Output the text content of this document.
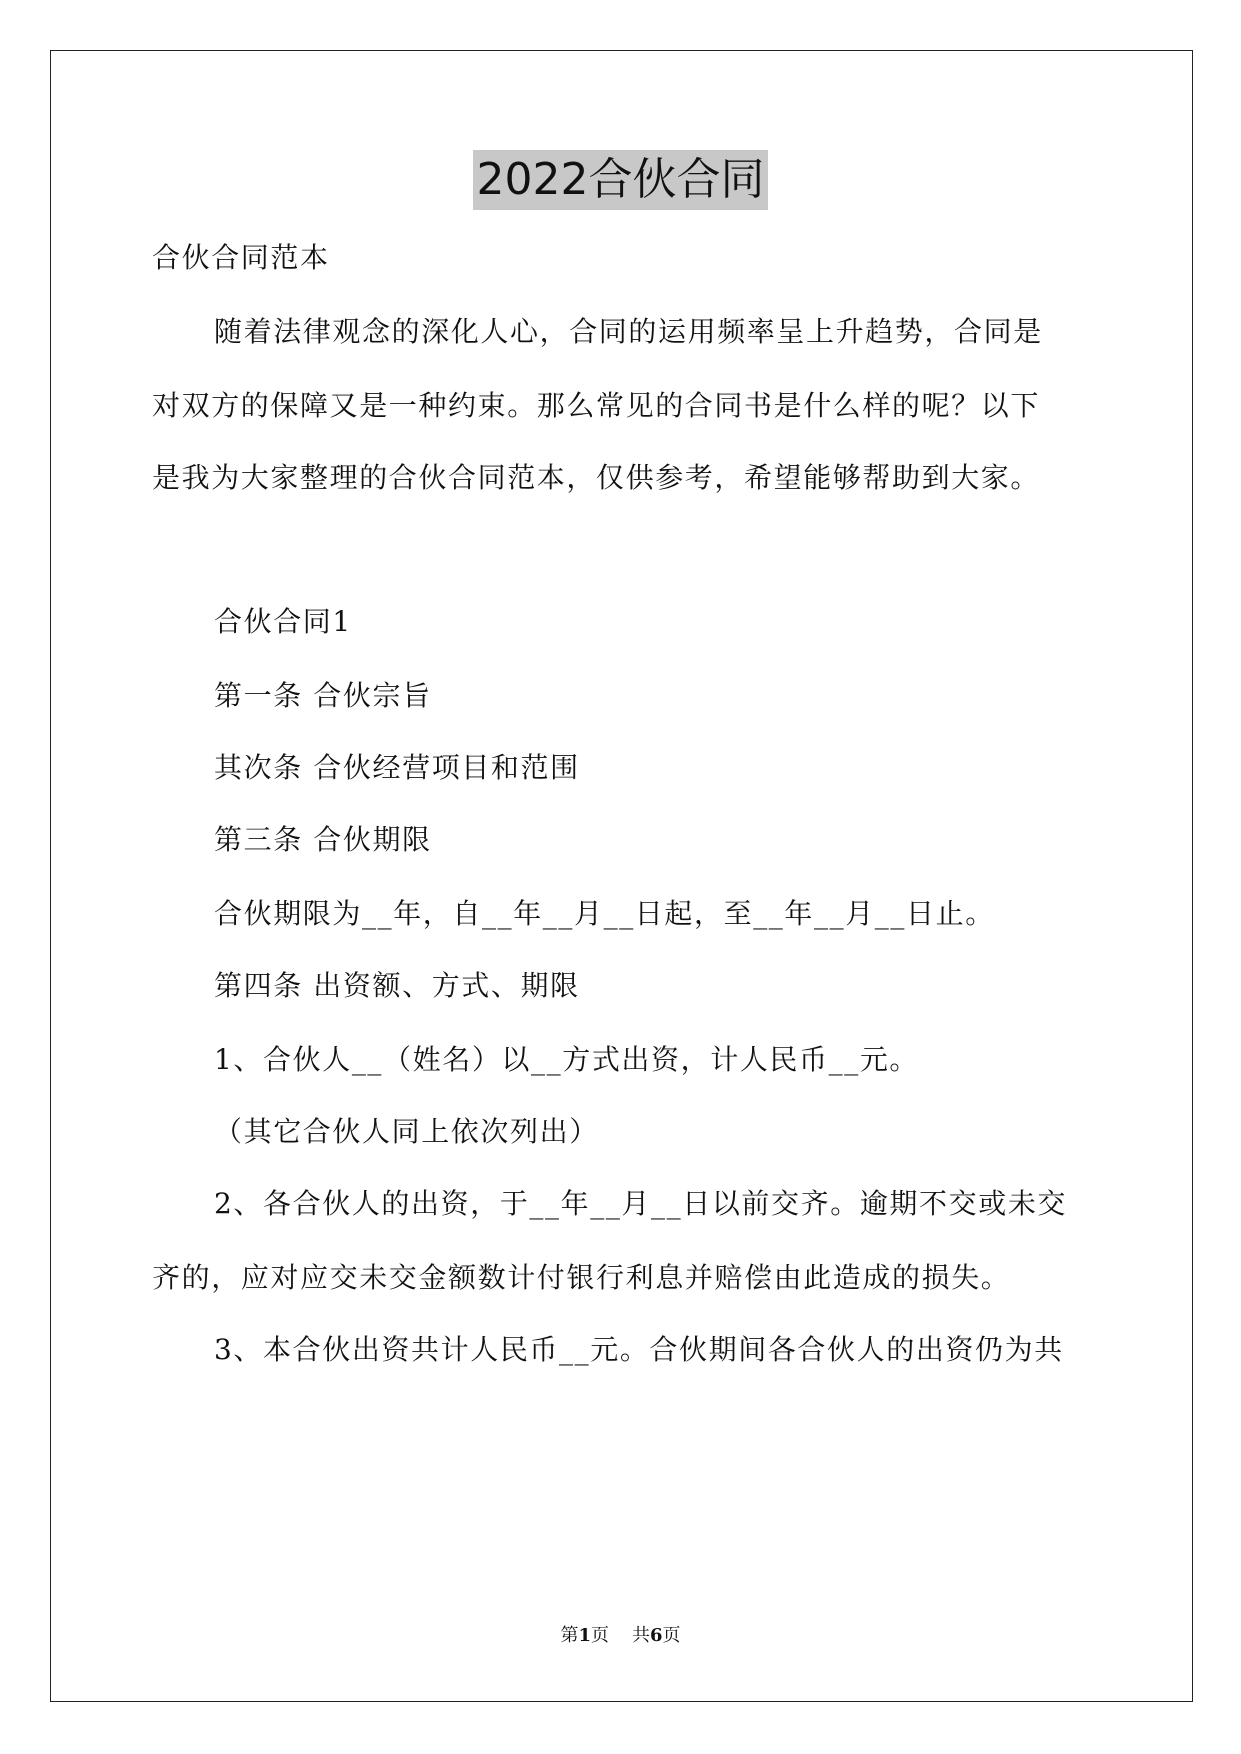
2022合伙合同
合伙合同范本
随着法律观念的深化人心，合同的运用频率呈上升趋势，合同是
对双方的保障又是一种约束。那么常见的合同书是什么样的呢？以下
是我为大家整理的合伙合同范本，仅供参考，希望能够帮助到大家。
合伙合同1
第一条 合伙宗旨
其次条 合伙经营项目和范围
第三条 合伙期限
合伙期限为__年，自__年__月__日起，至__年__月__日止。
第四条 出资额、方式、期限
1、合伙人__（姓名）以__方式出资，计人民币__元。
（其它合伙人同上依次列出）
2、各合伙人的出资，于__年__月__日以前交齐。逾期不交或未交
齐的，应对应交未交金额数计付银行利息并赔偿由此造成的损失。
3、本合伙出资共计人民币__元。合伙期间各合伙人的出资仍为共
第1页 共6页
